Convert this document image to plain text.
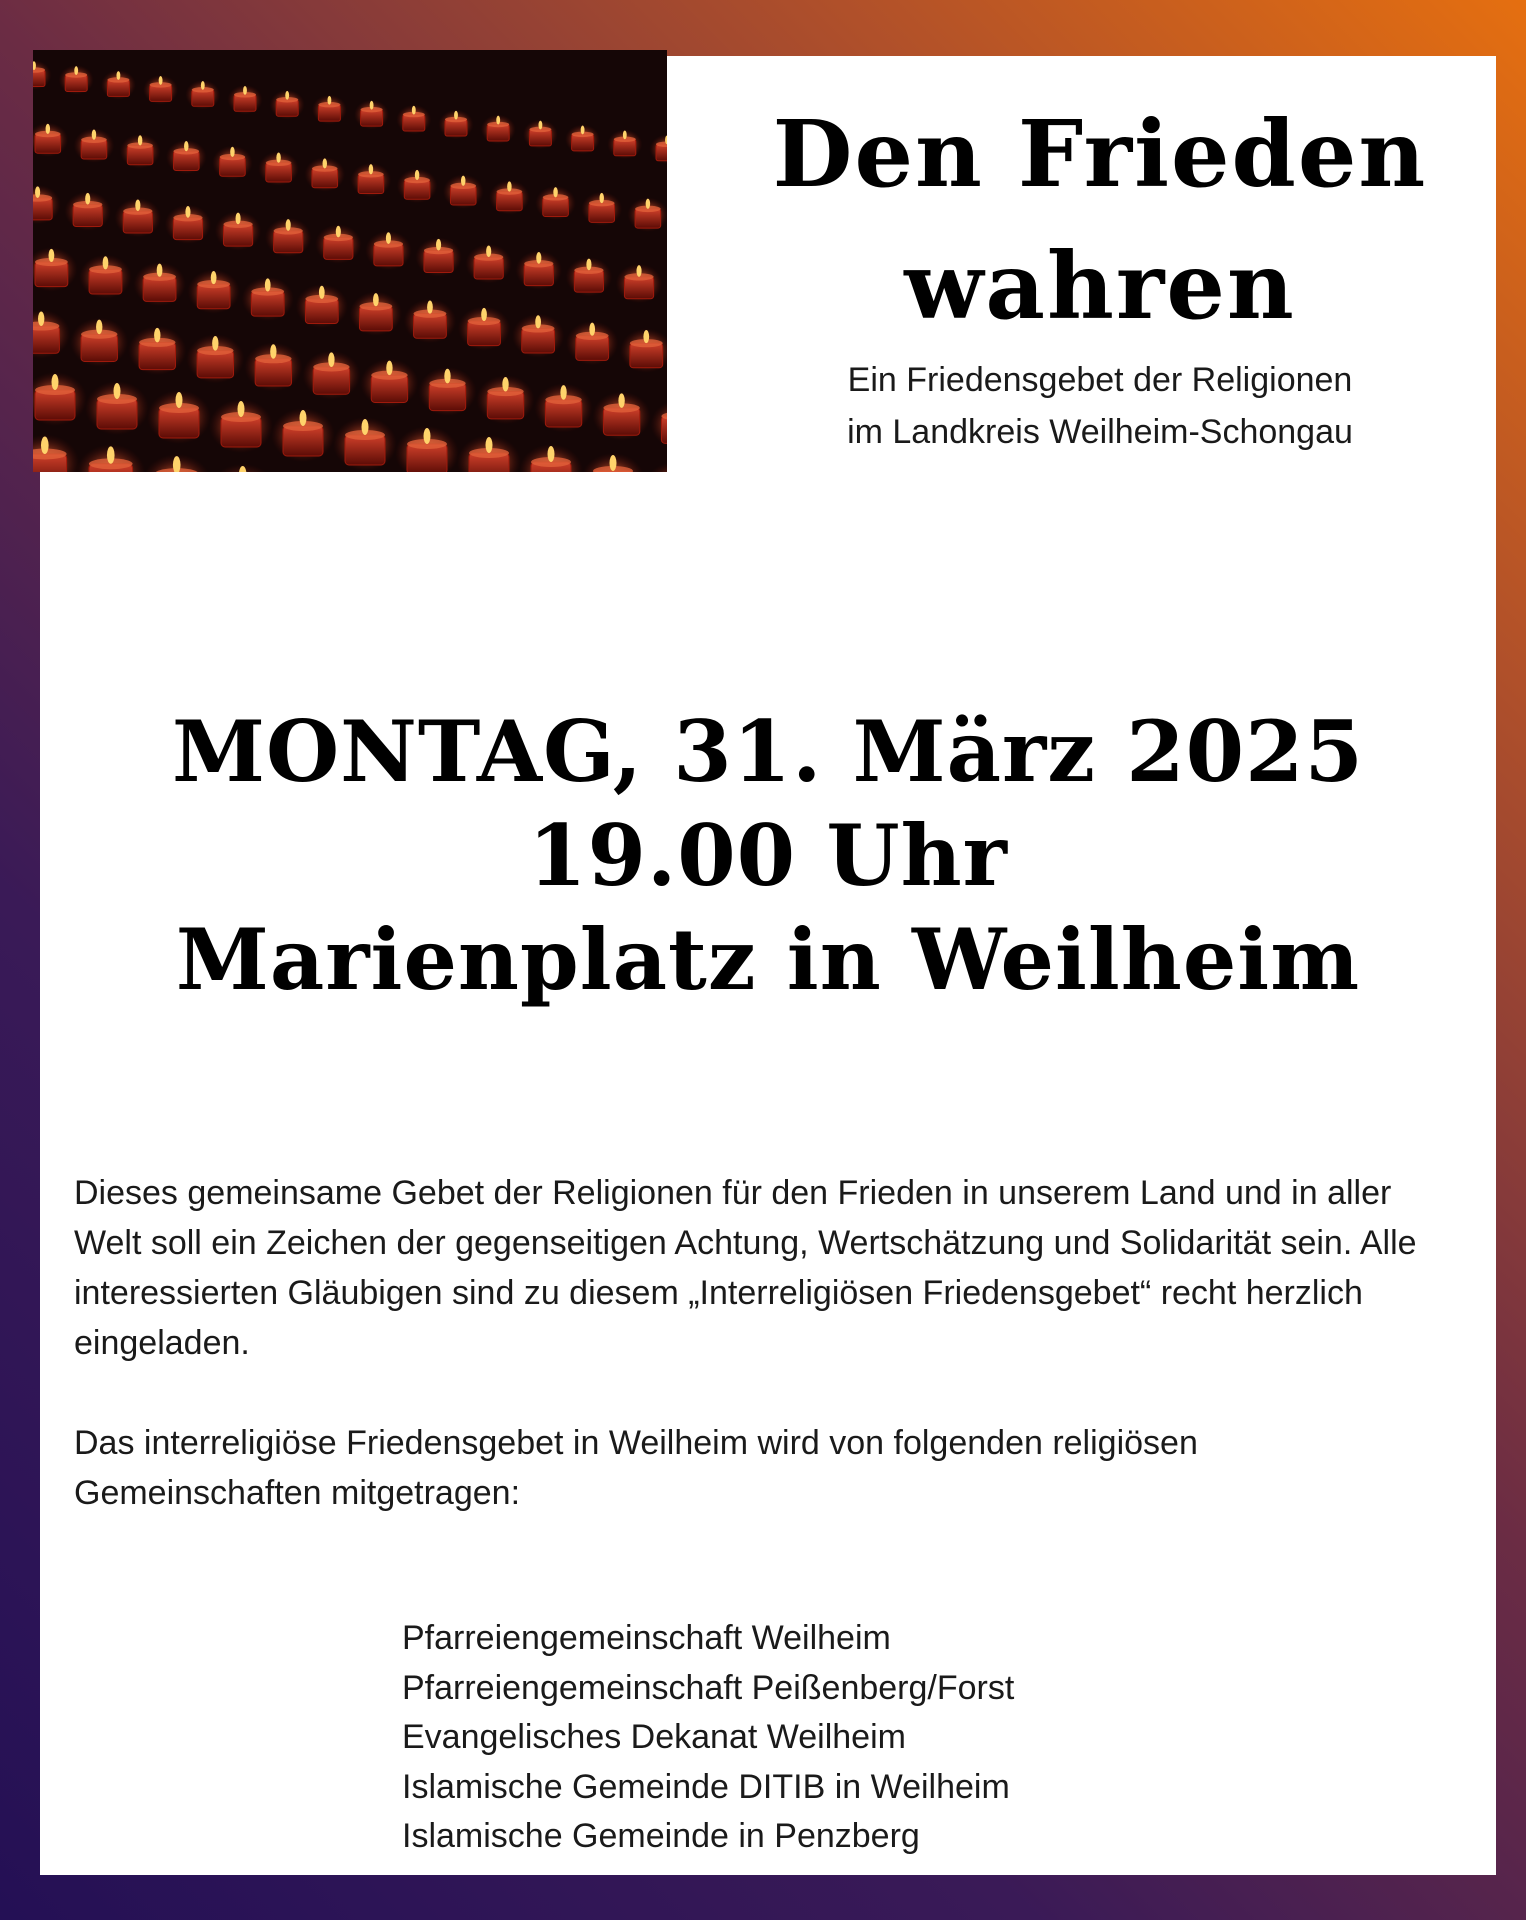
Den Frieden
wahren
Ein Friedensgebet der Religionen
im Landkreis Weilheim-Schongau
MONTAG, 31. März 2025
19.00 Uhr
Marienplatz in Weilheim

Dieses gemeinsame Gebet der Religionen für den Frieden in unserem Land und in aller Welt soll ein Zeichen der gegenseitigen Achtung, Wertschätzung und Solidarität sein. Alle interessierten Gläubigen sind zu diesem „Interreligiösen Friedensgebet“ recht herzlich eingeladen.

Das interreligiöse Friedensgebet in Weilheim wird von folgenden religiösen Gemeinschaften mitgetragen:

Pfarreiengemeinschaft Weilheim
Pfarreiengemeinschaft Peißenberg/Forst
Evangelisches Dekanat Weilheim
Islamische Gemeinde DITIB in Weilheim
Islamische Gemeinde in Penzberg
